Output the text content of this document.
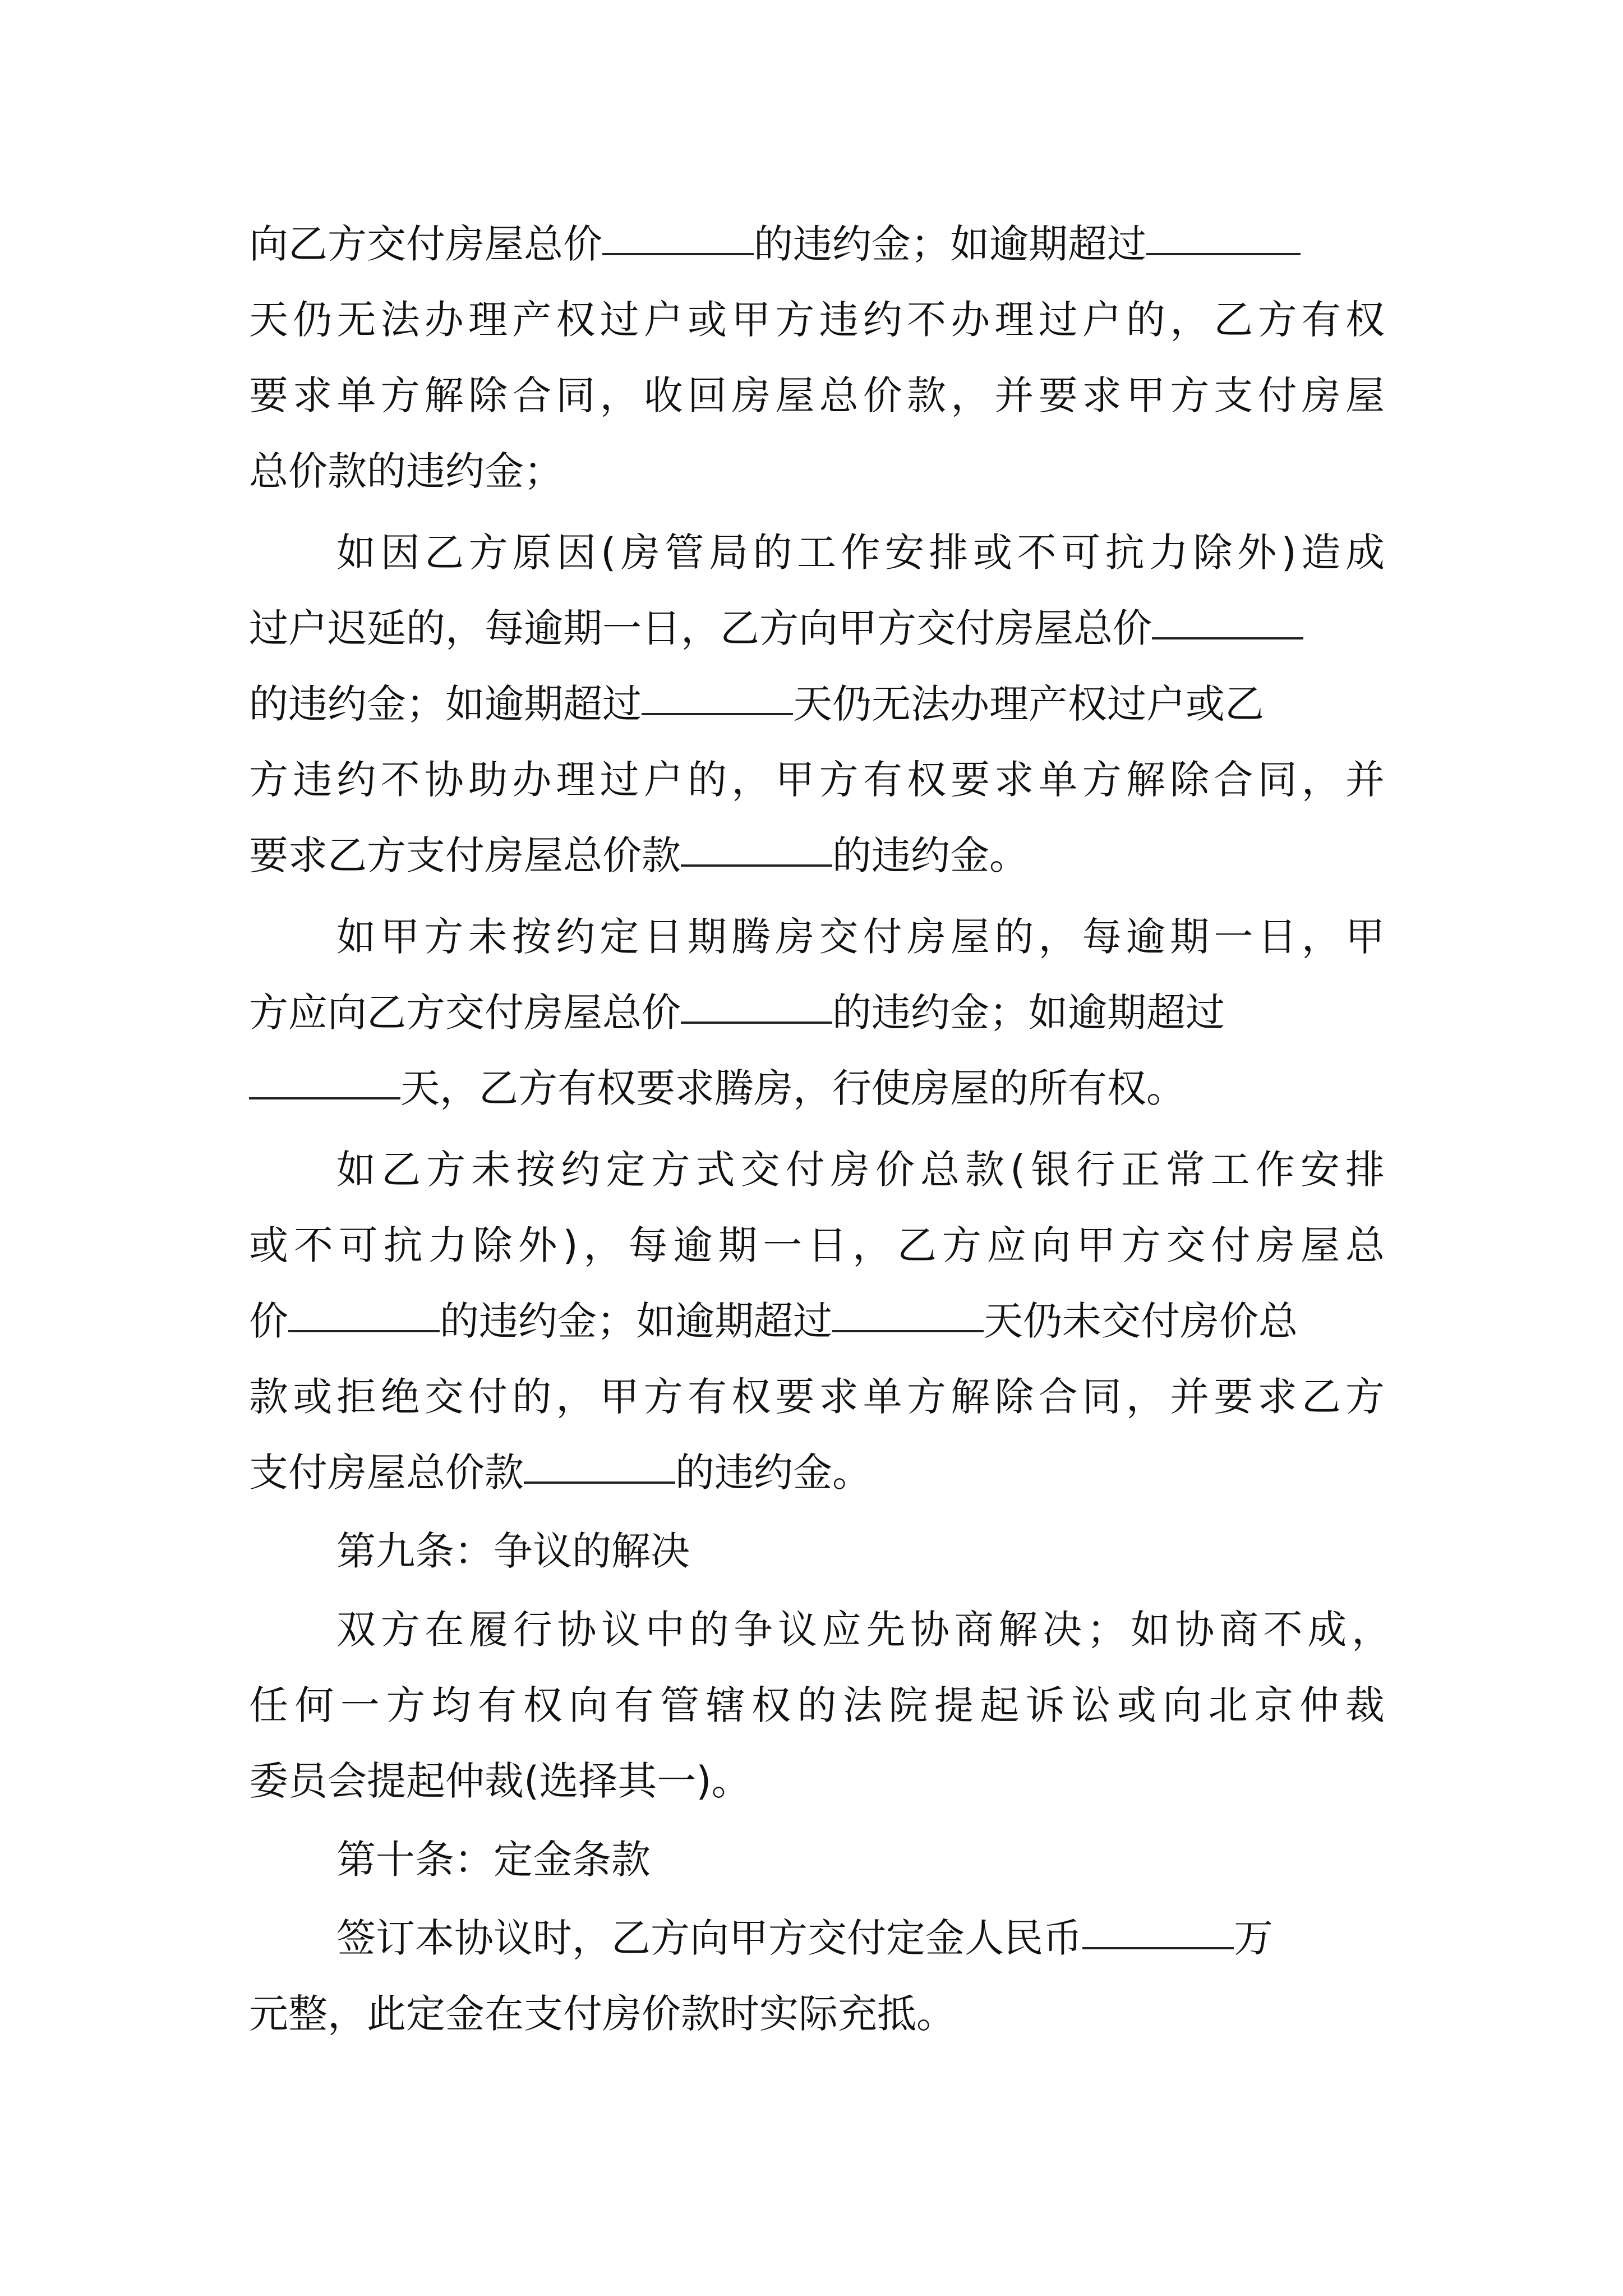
向乙方交付房屋总价	的违约金；如逾期超过
天仍无法办理产权过户或甲方违约不办理过户的，乙方有权
要求单方解除合同，收回房屋总价款，并要求甲方支付房屋
总价款的违约金；
如因乙方原因(房管局的工作安排或不可抗力除外)造成
过户迟延的，每逾期一日，乙方向甲方交付房屋总价
的违约金；如逾期超过	天仍无法办理产权过户或乙
方违约不协助办理过户的，甲方有权要求单方解除合同，并
要求乙方支付房屋总价款	的违约金。
如甲方未按约定日期腾房交付房屋的，每逾期一日，甲
方应向乙方交付房屋总价	的违约金；如逾期超过
天，乙方有权要求腾房，行使房屋的所有权。
如乙方未按约定方式交付房价总款(银行正常工作安排
或不可抗力除外)，每逾期一日，乙方应向甲方交付房屋总
价	的违约金；如逾期超过	天仍未交付房价总
款或拒绝交付的，甲方有权要求单方解除合同，并要求乙方
支付房屋总价款	的违约金。
第九条：争议的解决
双方在履行协议中的争议应先协商解决；如协商不成，
任何一方均有权向有管辖权的法院提起诉讼或向北京仲裁
委员会提起仲裁(选择其一)。
第十条：定金条款
签订本协议时，乙方向甲方交付定金人民币	万
元整，此定金在支付房价款时实际充抵。
